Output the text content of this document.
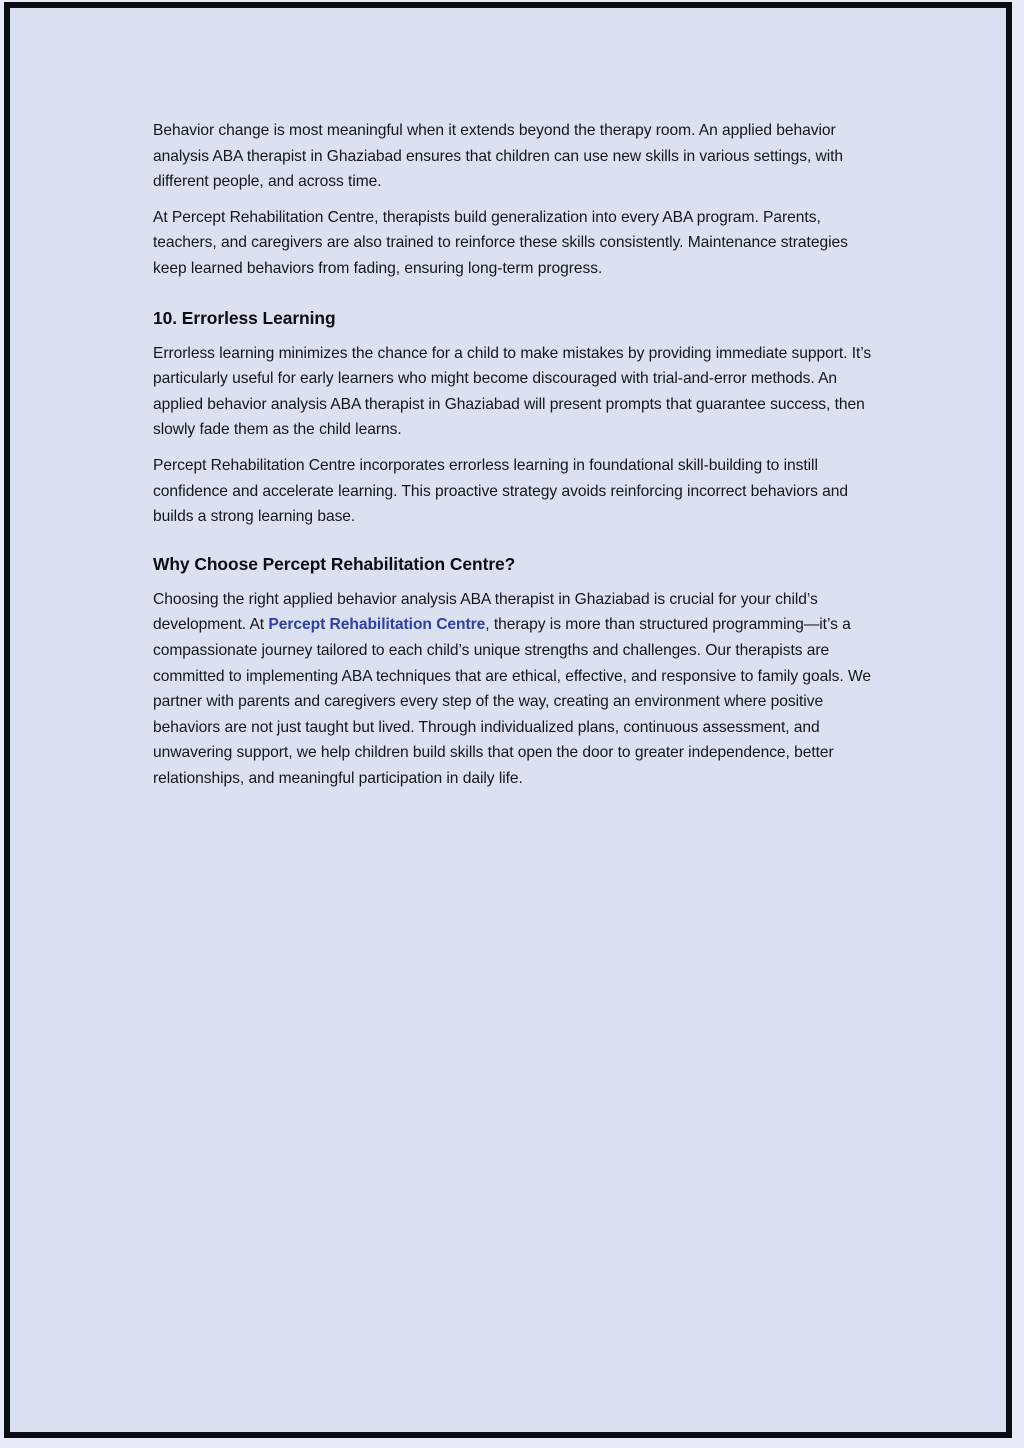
Behavior change is most meaningful when it extends beyond the therapy room. An applied behavior analysis ABA therapist in Ghaziabad ensures that children can use new skills in various settings, with different people, and across time.

At Percept Rehabilitation Centre, therapists build generalization into every ABA program. Parents, teachers, and caregivers are also trained to reinforce these skills consistently. Maintenance strategies keep learned behaviors from fading, ensuring long-term progress.

10. Errorless Learning

Errorless learning minimizes the chance for a child to make mistakes by providing immediate support. It’s particularly useful for early learners who might become discouraged with trial-and-error methods. An applied behavior analysis ABA therapist in Ghaziabad will present prompts that guarantee success, then slowly fade them as the child learns.

Percept Rehabilitation Centre incorporates errorless learning in foundational skill-building to instill confidence and accelerate learning. This proactive strategy avoids reinforcing incorrect behaviors and builds a strong learning base.

Why Choose Percept Rehabilitation Centre?

Choosing the right applied behavior analysis ABA therapist in Ghaziabad is crucial for your child’s development. At Percept Rehabilitation Centre, therapy is more than structured programming—it’s a compassionate journey tailored to each child’s unique strengths and challenges. Our therapists are committed to implementing ABA techniques that are ethical, effective, and responsive to family goals. We partner with parents and caregivers every step of the way, creating an environment where positive behaviors are not just taught but lived. Through individualized plans, continuous assessment, and unwavering support, we help children build skills that open the door to greater independence, better relationships, and meaningful participation in daily life.
